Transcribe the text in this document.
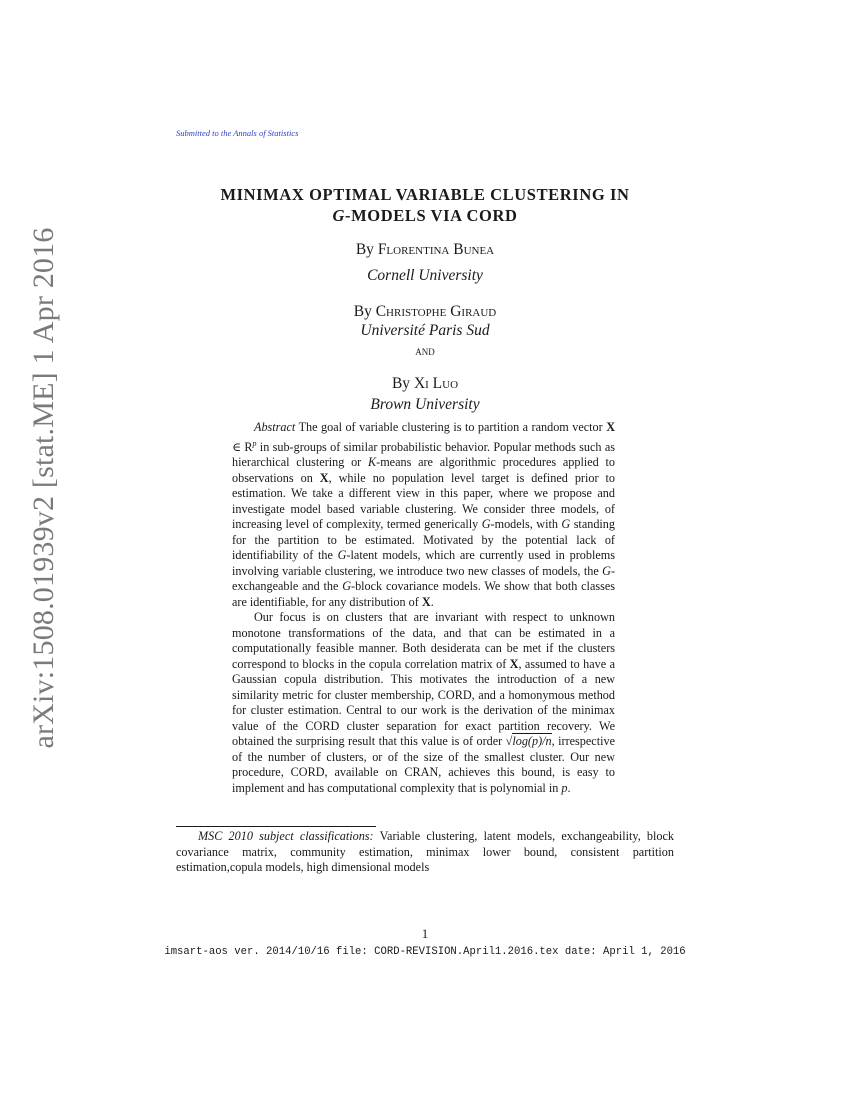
arXiv:1508.01939v2 [stat.ME] 1 Apr 2016
Submitted to the Annals of Statistics
MINIMAX OPTIMAL VARIABLE CLUSTERING IN
G-MODELS VIA CORD
By Florentina Bunea
Cornell University
By Christophe Giraud
Université Paris Sud
and
By Xi Luo
Brown University

Abstract The goal of variable clustering is to partition a random vector X ∈ $R^p$ in sub-groups of similar probabilistic behavior. Popular methods such as hierarchical clustering or K-means are algorithmic procedures applied to observations on X, while no population level target is defined prior to estimation. We take a different view in this paper, where we propose and investigate model based variable clustering. We consider three models, of increasing level of complexity, termed generically G-models, with G standing for the partition to be estimated. Motivated by the potential lack of identifiability of the G-latent models, which are currently used in problems involving variable clustering, we introduce two new classes of models, the G-exchangeable and the G-block covariance models. We show that both classes are identifiable, for any distribution of X.

Our focus is on clusters that are invariant with respect to unknown monotone transformations of the data, and that can be estimated in a computationally feasible manner. Both desiderata can be met if the clusters correspond to blocks in the copula correlation matrix of X, assumed to have a Gaussian copula distribution. This motivates the introduction of a new similarity metric for cluster membership, CORD, and a homonymous method for cluster estimation. Central to our work is the derivation of the minimax value of the CORD cluster separation for exact partition recovery. We obtained the surprising result that this value is of order √log(p)/n, irrespective of the number of clusters, or of the size of the smallest cluster. Our new procedure, CORD, available on CRAN, achieves this bound, is easy to implement and has computational complexity that is polynomial in p.

MSC 2010 subject classifications: Variable clustering, latent models, exchangeability, block covariance matrix, community estimation, minimax lower bound, consistent partition estimation,copula models, high dimensional models
1
imsart-aos ver. 2014/10/16 file: CORD-REVISION.April1.2016.tex date: April 1, 2016
